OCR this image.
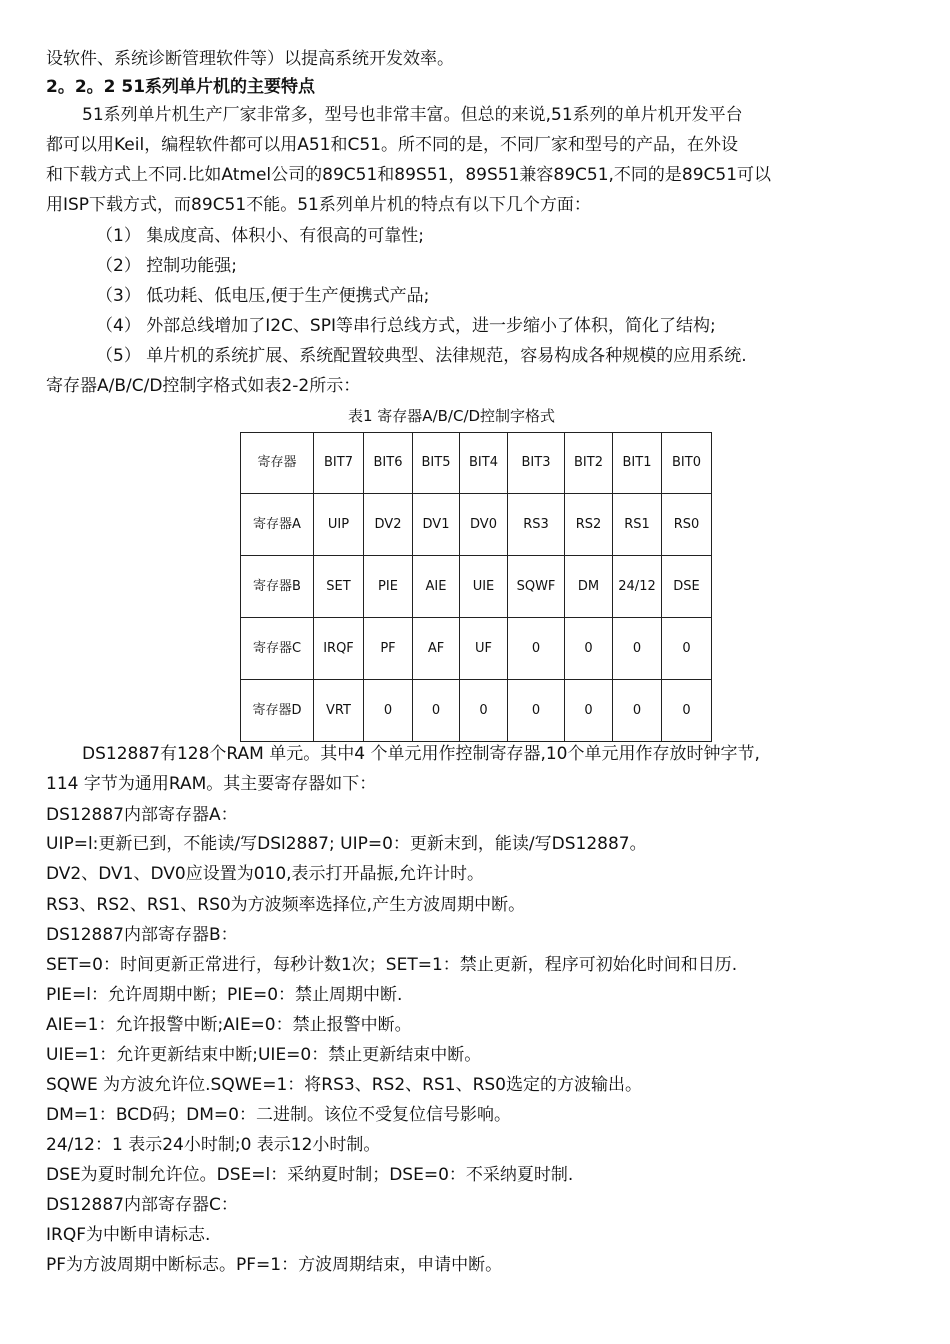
设软件、系统诊断管理软件等）以提高系统开发效率。
2。2。2 51系列单片机的主要特点
51系列单片机生产厂家非常多，型号也非常丰富。但总的来说,51系列的单片机开发平台
都可以用Keil，编程软件都可以用A51和C51。所不同的是，不同厂家和型号的产品，在外设
和下载方式上不同.比如Atmel公司的89C51和89S51，89S51兼容89C51,不同的是89C51可以
用ISP下载方式，而89C51不能。51系列单片机的特点有以下几个方面：
（1） 集成度高、体积小、有很高的可靠性;
（2） 控制功能强;
（3） 低功耗、低电压,便于生产便携式产品;
（4） 外部总线增加了I2C、SPI等串行总线方式，进一步缩小了体积，简化了结构;
（5） 单片机的系统扩展、系统配置较典型、法律规范，容易构成各种规模的应用系统.
寄存器A/B/C/D控制字格式如表2-2所示：
表1 寄存器A/B/C/D控制字格式
寄存器	BIT7	BIT6	BIT5	BIT4	BIT3	BIT2	BIT1	BIT0
寄存器A	UIP	DV2	DV1	DV0	RS3	RS2	RS1	RS0
寄存器B	SET	PIE	AIE	UIE	SQWF	DM	24/12	DSE
寄存器C	IRQF	PF	AF	UF	0	0	0	0
寄存器D	VRT	0	0	0	0	0	0	0
DS12887有128个RAM 单元。其中4 个单元用作控制寄存器,10个单元用作存放时钟字节,
114 字节为通用RAM。其主要寄存器如下：
DS12887内部寄存器A：
UIP=l:更新已到，不能读/写DSl2887; UIP=0：更新末到，能读/写DS12887。
DV2、DV1、DV0应设置为010,表示打开晶振,允许计时。
RS3、RS2、RS1、RS0为方波频率选择位,产生方波周期中断。
DS12887内部寄存器B：
SET=0：时间更新正常进行，每秒计数1次；SET=1：禁止更新，程序可初始化时间和日历.
PIE=l：允许周期中断；PIE=0：禁止周期中断.
AIE=1：允许报警中断;AIE=0：禁止报警中断。
UIE=1：允许更新结束中断;UIE=0：禁止更新结束中断。
SQWE 为方波允许位.SQWE=1：将RS3、RS2、RS1、RS0选定的方波输出。
DM=1：BCD码；DM=0：二进制。该位不受复位信号影响。
24/12：1 表示24小时制;0 表示12小时制。
DSE为夏时制允许位。DSE=l：采纳夏时制；DSE=0：不采纳夏时制.
DS12887内部寄存器C：
IRQF为中断申请标志.
PF为方波周期中断标志。PF=1：方波周期结束，申请中断。
